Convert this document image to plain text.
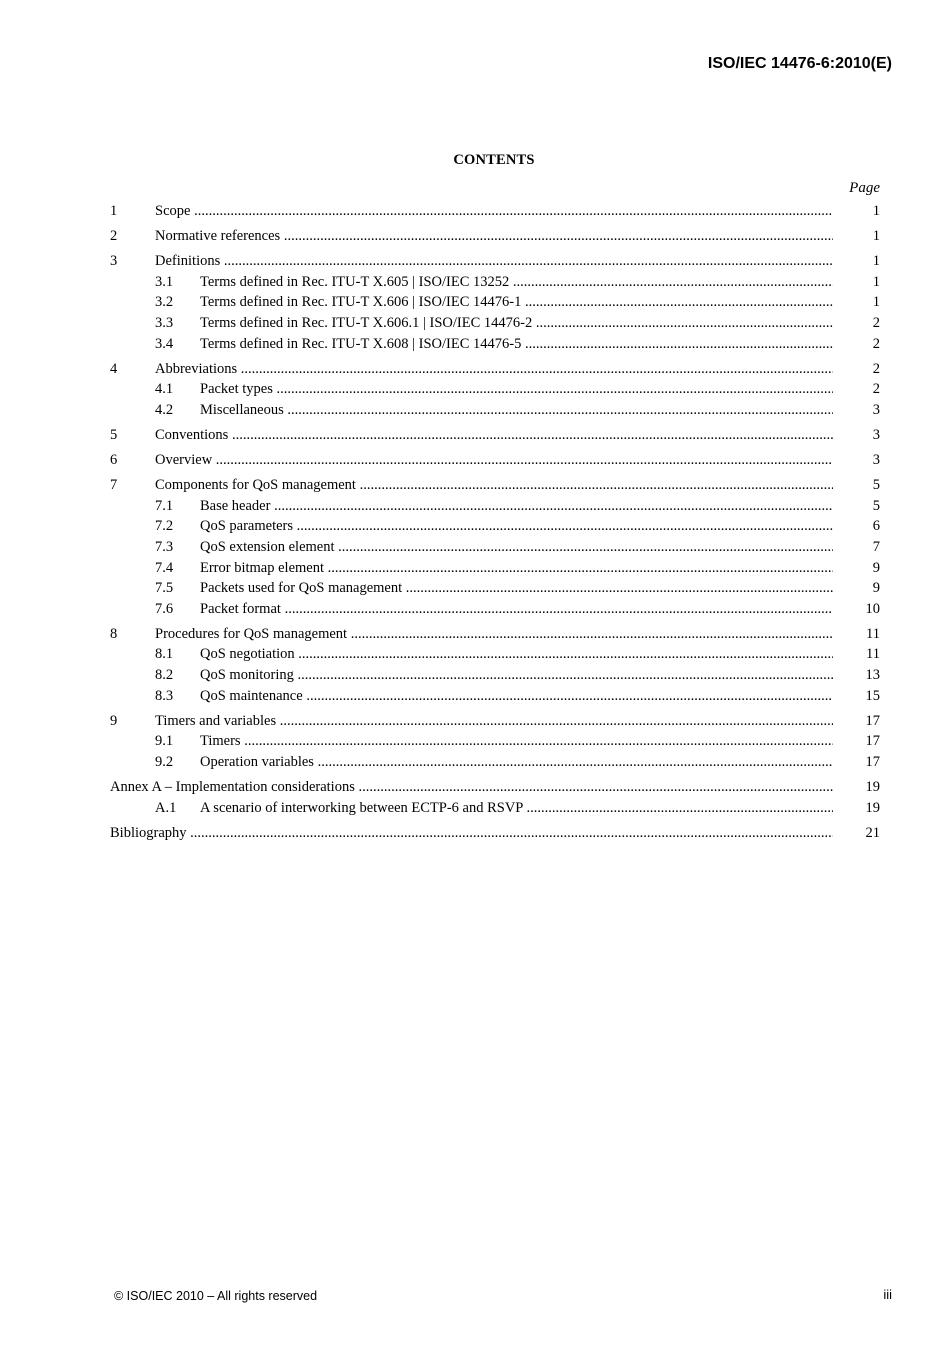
ISO/IEC 14476-6:2010(E)
CONTENTS
Page
1	Scope .....	1
2	Normative references .....	1
3	Definitions .....	1
3.1 Terms defined in Rec. ITU-T X.605 | ISO/IEC 13252 .....	1
3.2 Terms defined in Rec. ITU-T X.606 | ISO/IEC 14476-1 .....	1
3.3 Terms defined in Rec. ITU-T X.606.1 | ISO/IEC 14476-2 .....	2
3.4 Terms defined in Rec. ITU-T X.608 | ISO/IEC 14476-5 .....	2
4	Abbreviations .....	2
4.1 Packet types .....	2
4.2 Miscellaneous .....	3
5	Conventions .....	3
6	Overview .....	3
7	Components for QoS management .....	5
7.1 Base header .....	5
7.2 QoS parameters .....	6
7.3 QoS extension element .....	7
7.4 Error bitmap element .....	9
7.5 Packets used for QoS management .....	9
7.6 Packet format .....	10
8	Procedures for QoS management .....	11
8.1 QoS negotiation .....	11
8.2 QoS monitoring .....	13
8.3 QoS maintenance .....	15
9	Timers and variables .....	17
9.1 Timers .....	17
9.2 Operation variables .....	17
Annex A – Implementation considerations .....	19
A.1 A scenario of interworking between ECTP-6 and RSVP .....	19
Bibliography .....	21
© ISO/IEC 2010 – All rights reserved	iii
